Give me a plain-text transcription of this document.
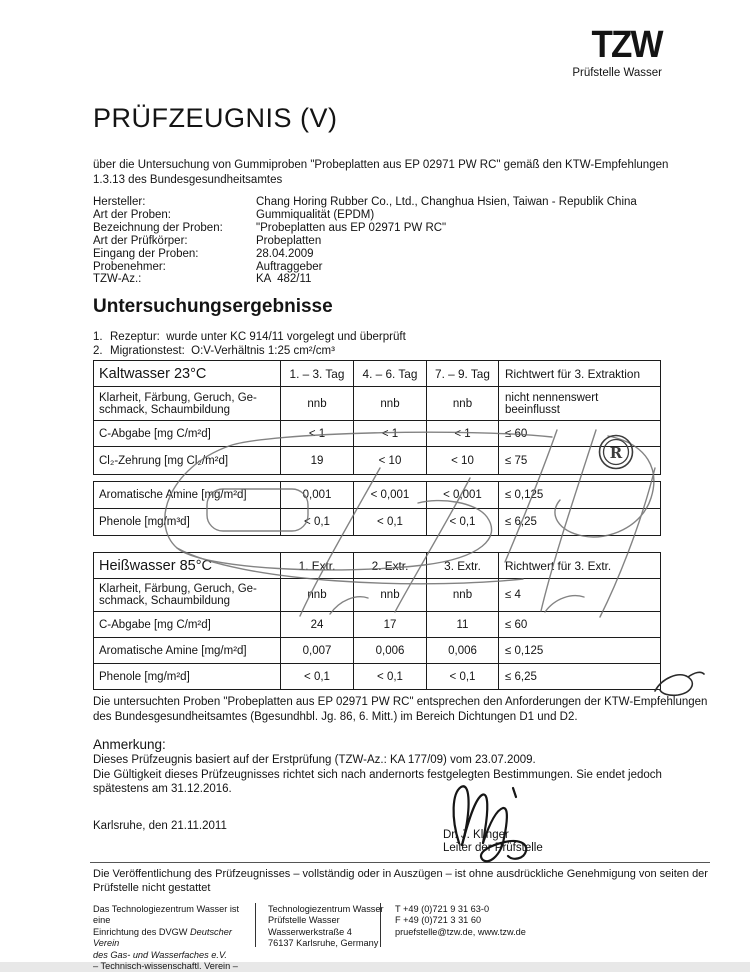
TZW
Prüfstelle Wasser
PRÜFZEUGNIS (V)
über die Untersuchung von Gummiproben "Probeplatten aus EP 02971 PW RC" gemäß den KTW-Empfehlungen 1.3.13 des Bundesgesundheitsamtes
Hersteller:	Chang Horing Rubber Co., Ltd., Changhua Hsien, Taiwan - Republik China
Art der Proben:	Gummiqualität (EPDM)
Bezeichnung der Proben:	"Probeplatten aus EP 02971 PW RC"
Art der Prüfkörper:	Probeplatten
Eingang der Proben:	28.04.2009
Probenehmer:	Auftraggeber
TZW-Az.:	KA  482/11
Untersuchungsergebnisse
1. Rezeptur:  wurde unter KC 914/11 vorgelegt und überprüft
2. Migrationstest:  O:V-Verhältnis 1:25 cm²/cm³
Kaltwasser 23°C	1. – 3. Tag	4. – 6. Tag	7. – 9. Tag	Richtwert für 3. Extraktion
Klarheit, Färbung, Geruch, Ge-schmack, Schaumbildung	nnb	nnb	nnb	nicht nennenswert beeinflusst
C-Abgabe [mg C/m²d]	< 1	< 1	< 1	≤ 60
Cl₂-Zehrung [mg Cl₂/m²d]	19	< 10	< 10	≤ 75
Aromatische Amine [mg/m²d]	0,001	< 0,001	< 0,001	≤ 0,125
Phenole [mg/m³d]	< 0,1	< 0,1	< 0,1	≤ 6,25
Heißwasser 85°C	1. Extr.	2. Extr.	3. Extr.	Richtwert für 3. Extr.
Klarheit, Färbung, Geruch, Ge-schmack, Schaumbildung	nnb	nnb	nnb	≤ 4
C-Abgabe [mg C/m²d]	24	17	11	≤ 60
Aromatische Amine [mg/m²d]	0,007	0,006	0,006	≤ 0,125
Phenole [mg/m²d]	< 0,1	< 0,1	< 0,1	≤ 6,25
Die untersuchten Proben "Probeplatten aus EP 02971 PW RC" entsprechen den Anforderungen der KTW-Empfehlungen des Bundesgesundheitsamtes (Bgesundhbl. Jg. 86, 6. Mitt.) im Bereich Dichtungen D1 und D2.
Anmerkung:
Dieses Prüfzeugnis basiert auf der Erstprüfung (TZW-Az.: KA 177/09) vom 23.07.2009.
Die Gültigkeit dieses Prüfzeugnisses richtet sich nach andernorts festgelegten Bestimmungen. Sie endet jedoch spätestens am 31.12.2016.
Karlsruhe, den 21.11.2011
Dr. J. Klinger
Leiter der Prüfstelle
Die Veröffentlichung des Prüfzeugnisses – vollständig oder in Auszügen – ist ohne ausdrückliche Genehmigung von seiten der Prüfstelle nicht gestattet
Das Technologiezentrum Wasser ist eine
Einrichtung des DVGW Deutscher Verein
des Gas- und Wasserfaches e.V.
– Technisch-wissenschaftl. Verein –
Technologiezentrum Wasser
Prüfstelle Wasser
Wasserwerkstraße 4
76137 Karlsruhe, Germany
T +49 (0)721 9 31 63-0
F +49 (0)721 3 31 60
pruefstelle@tzw.de, www.tzw.de
R
